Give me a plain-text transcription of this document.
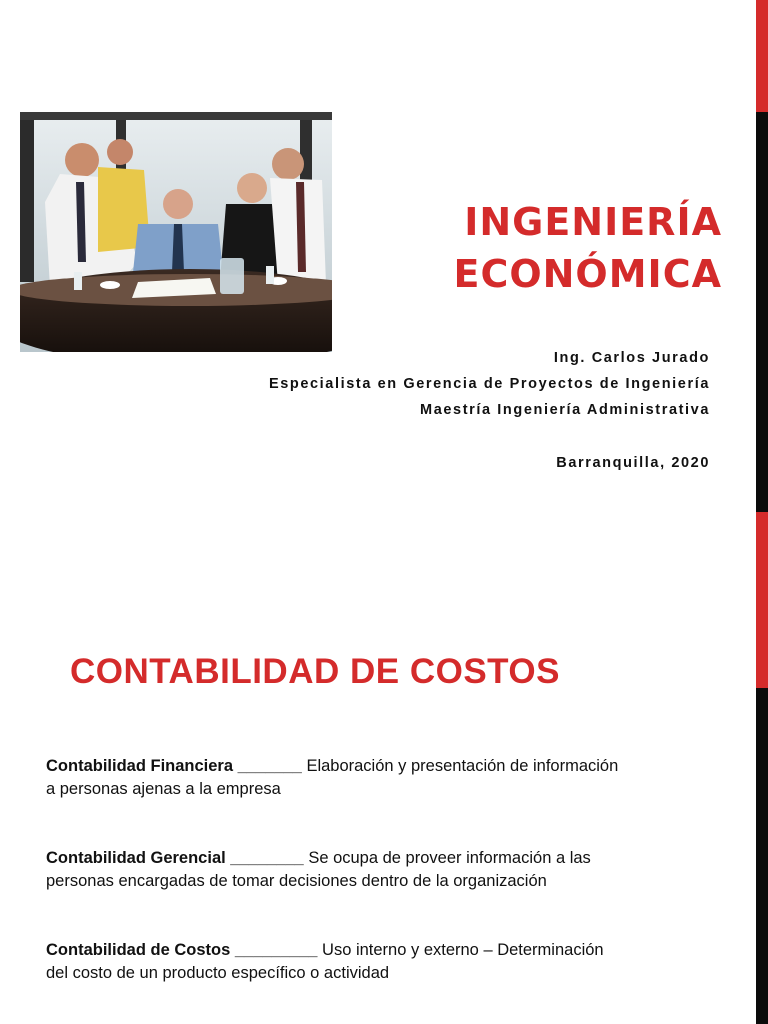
INGENIERÍA
ECONÓMICA
Ing. Carlos Jurado
Especialista en Gerencia de Proyectos de Ingeniería
Maestría Ingeniería Administrativa
Barranquilla, 2020
CONTABILIDAD DE COSTOS
Contabilidad Financiera _______ Elaboración y presentación de información
a personas ajenas a la empresa
Contabilidad Gerencial ________ Se ocupa de proveer información a las
personas encargadas de tomar decisiones dentro de la organización
Contabilidad de Costos _________ Uso interno y externo – Determinación
del costo de un producto específico o actividad
